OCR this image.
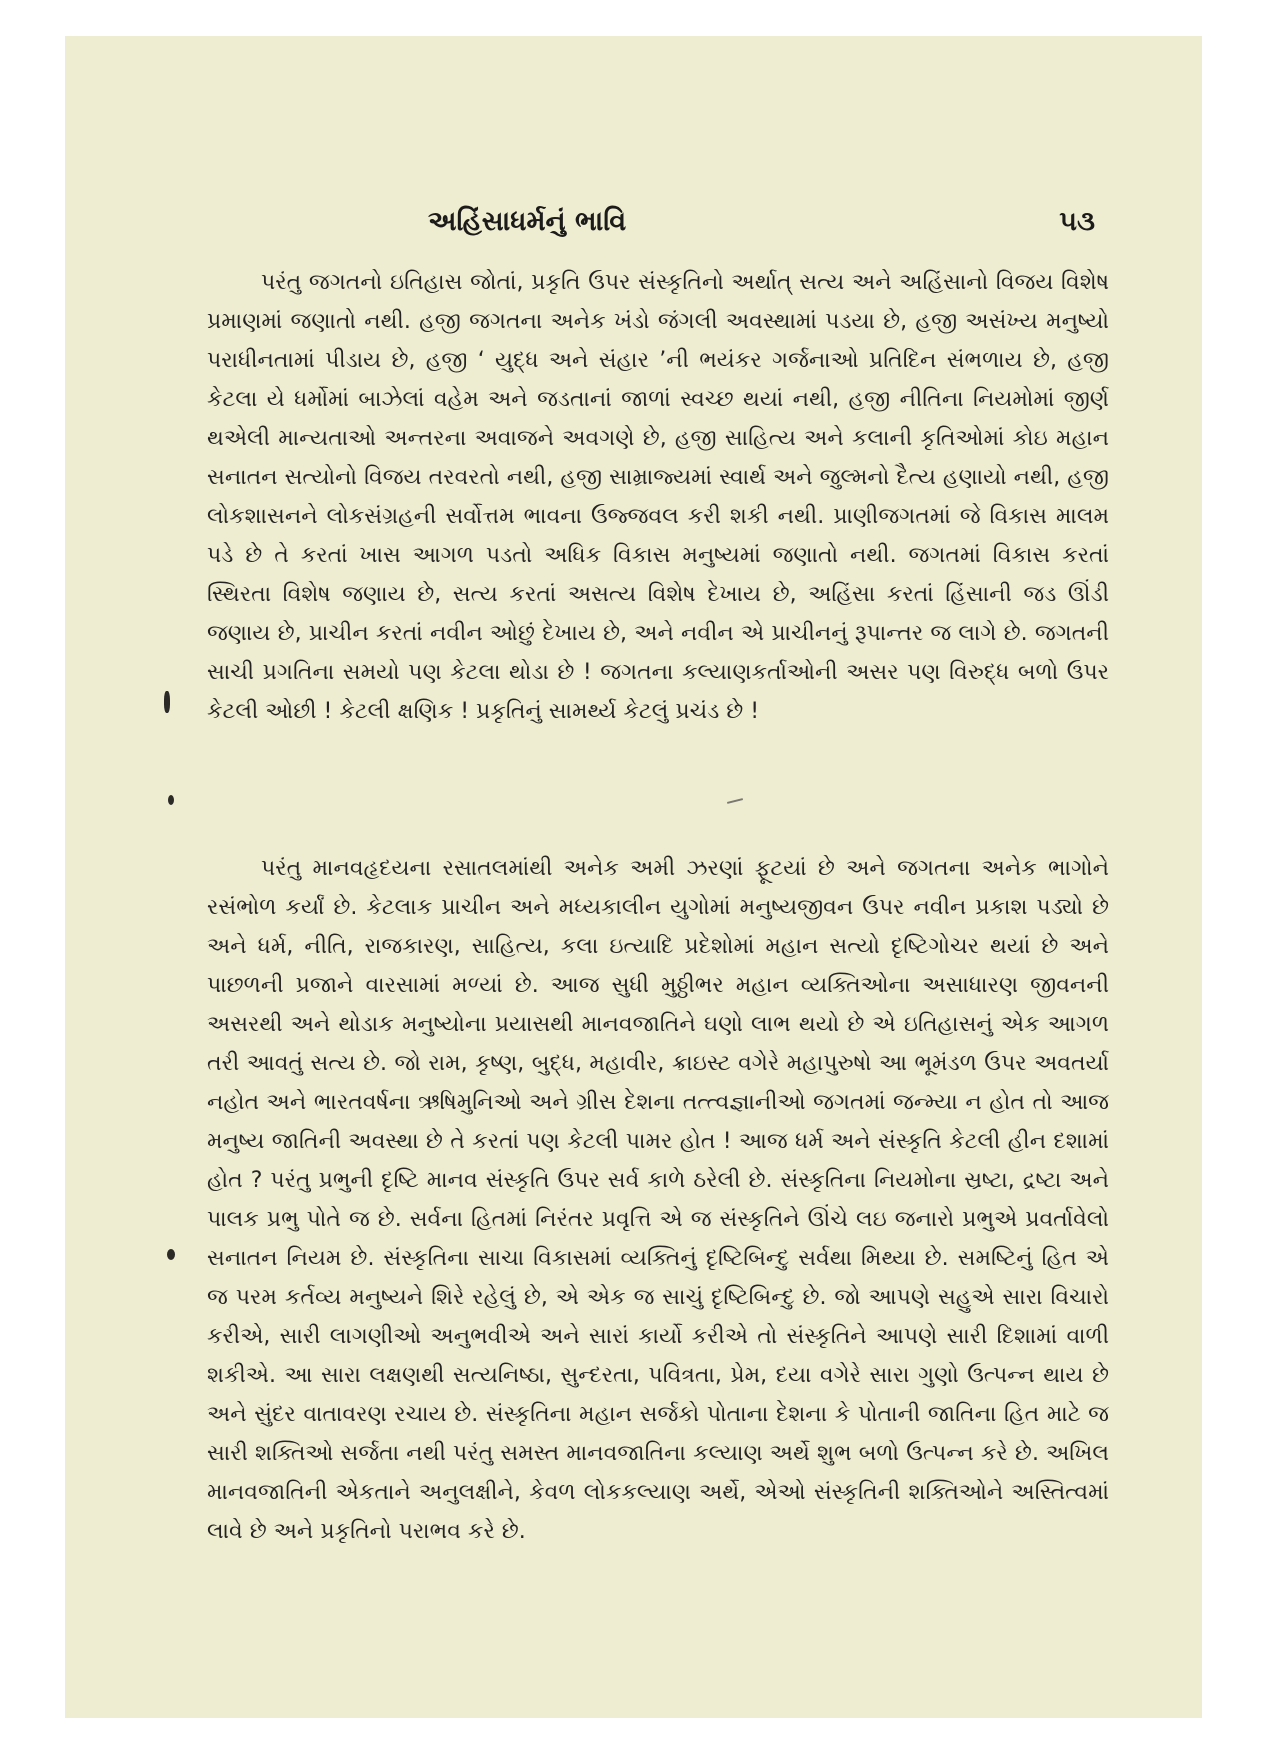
અહિંસાધર્મનું ભાવિ	૫૩

પરંતુ જગતનો ઇતિહાસ જોતાં, પ્રકૃતિ ઉપર સંસ્કૃતિનો અર્થાત્ સત્ય અને અહિંસાનો વિજય વિશેષ પ્રમાણમાં જણાતો નથી. હજી જગતના અનેક ખંડો જંગલી અવસ્થામાં પડયા છે, હજી અસંખ્ય મનુષ્યો પરાધીનતામાં પીડાય છે, હજી ‘ યુદ્ધ અને સંહાર ’ની ભયંકર ગર્જનાઓ પ્રતિદિન સંભળાય છે, હજી કેટલા યે ધર્મોમાં બાઝેલાં વહેમ અને જડતાનાં જાળાં સ્વચ્છ થયાં નથી, હજી નીતિના નિયમોમાં જીર્ણ થએલી માન્યતાઓ અન્તરના અવાજને અવગણે છે, હજી સાહિત્ય અને કલાની કૃતિઓમાં કોઇ મહાન સનાતન સત્યોનો વિજય તરવરતો નથી, હજી સામ્રાજ્યમાં સ્વાર્થ અને જુલ્મનો દૈત્ય હણાયો નથી, હજી લોકશાસનને લોકસંગ્રહની સર્વોત્તમ ભાવના ઉજ્જવલ કરી શકી નથી. પ્રાણીજગતમાં જે વિકાસ માલમ પડે છે તે કરતાં ખાસ આગળ પડતો અધિક વિકાસ મનુષ્યમાં જણાતો નથી. જગતમાં વિકાસ કરતાં સ્થિરતા વિશેષ જણાય છે, સત્ય કરતાં અસત્ય વિશેષ દેખાય છે, અહિંસા કરતાં હિંસાની જડ ઊંડી જણાય છે, પ્રાચીન કરતાં નવીન ઓછું દેખાય છે, અને નવીન એ પ્રાચીનનું રૂપાન્તર જ લાગે છે. જગતની સાચી પ્રગતિના સમયો પણ કેટલા થોડા છે ! જગતના કલ્યાણકર્તાઓની અસર પણ વિરુદ્ધ બળો ઉપર કેટલી ઓછી ! કેટલી ક્ષણિક ! પ્રકૃતિનું સામર્થ્ય કેટલું પ્રચંડ છે !

પરંતુ માનવહૃદયના રસાતલમાંથી અનેક અમી ઝરણાં ફૂટયાં છે અને જગતના અનેક ભાગોને રસંભોળ કર્યાં છે. કેટલાક પ્રાચીન અને મધ્યકાલીન યુગોમાં મનુષ્યજીવન ઉપર નવીન પ્રકાશ પડ્યો છે અને ધર્મ, નીતિ, રાજકારણ, સાહિત્ય, કલા ઇત્યાદિ પ્રદેશોમાં મહાન સત્યો દૃષ્ટિગોચર થયાં છે અને પાછળની પ્રજાને વારસામાં મળ્યાં છે. આજ સુધી મુઠ્ઠીભર મહાન વ્યક્તિઓના અસાધારણ જીવનની અસરથી અને થોડાક મનુષ્યોના પ્રયાસથી માનવજાતિને ઘણો લાભ થયો છે એ ઇતિહાસનું એક આગળ તરી આવતું સત્ય છે. જો રામ, કૃષ્ણ, બુદ્ધ, મહાવીર, ક્રાઇસ્ટ વગેરે મહાપુરુષો આ ભૂમંડળ ઉપર અવતર્યા નહોત અને ભારતવર્ષના ઋષિમુનિઓ અને ગ્રીસ દેશના તત્ત્વજ્ઞાનીઓ જગતમાં જન્મ્યા ન હોત તો આજ મનુષ્ય જાતિની અવસ્થા છે તે કરતાં પણ કેટલી પામર હોત ! આજ ધર્મ અને સંસ્કૃતિ કેટલી હીન દશામાં હોત ? પરંતુ પ્રભુની દૃષ્ટિ માનવ સંસ્કૃતિ ઉપર સર્વ કાળે ઠરેલી છે. સંસ્કૃતિના નિયમોના સ્રષ્ટા, દ્રષ્ટા અને પાલક પ્રભુ પોતે જ છે. સર્વના હિતમાં નિરંતર પ્રવૃત્તિ એ જ સંસ્કૃતિને ઊંચે લઇ જનારો પ્રભુએ પ્રવર્તાવેલો સનાતન નિયમ છે. સંસ્કૃતિના સાચા વિકાસમાં વ્યક્તિનું દૃષ્ટિબિન્દુ સર્વથા મિથ્યા છે. સમષ્ટિનું હિત એ જ પરમ કર્તવ્ય મનુષ્યને શિરે રહેલું છે, એ એક જ સાચું દૃષ્ટિબિન્દુ છે. જો આપણે સહુએ સારા વિચારો કરીએ, સારી લાગણીઓ અનુભવીએ અને સારાં કાર્યો કરીએ તો સંસ્કૃતિને આપણે સારી દિશામાં વાળી શકીએ. આ સારા લક્ષણથી સત્યનિષ્ઠા, સુન્દરતા, પવિત્રતા, પ્રેમ, દયા વગેરે સારા ગુણો ઉત્પન્ન થાય છે અને સુંદર વાતાવરણ રચાય છે. સંસ્કૃતિના મહાન સર્જકો પોતાના દેશના કે પોતાની જાતિના હિત માટે જ સારી શક્તિઓ સર્જતા નથી પરંતુ સમસ્ત માનવજાતિના કલ્યાણ અર્થે શુભ બળો ઉત્પન્ન કરે છે. અખિલ માનવજાતિની એકતાને અનુલક્ષીને, કેવળ લોકકલ્યાણ અર્થે, એઓ સંસ્કૃતિની શક્તિઓને અસ્તિત્વમાં લાવે છે અને પ્રકૃતિનો પરાભવ કરે છે.
